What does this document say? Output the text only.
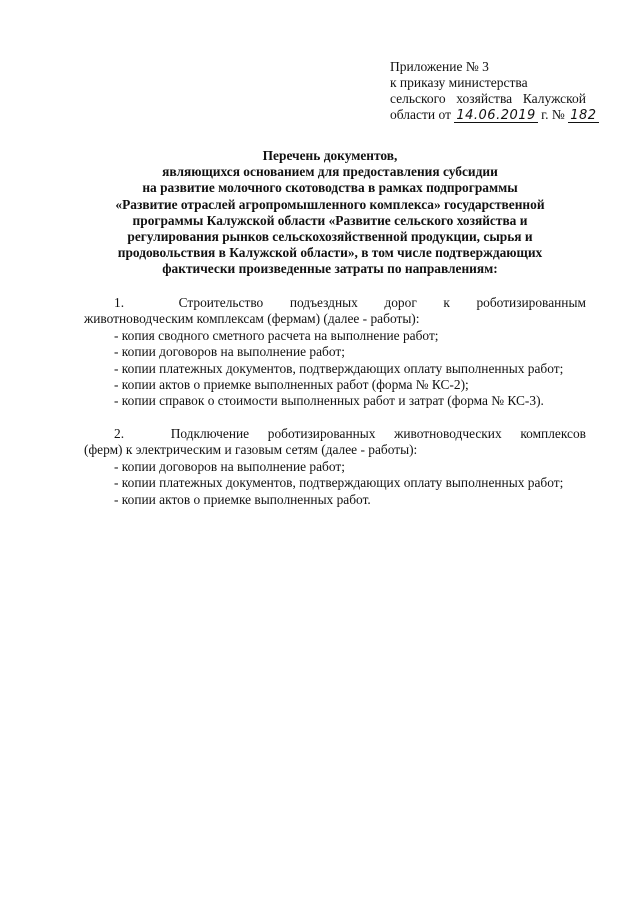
Приложение № 3
к приказу министерства
сельского хозяйства Калужской
области от 14.06.2019 г. № 182
Перечень документов,
являющихся основанием для предоставления субсидии
на развитие молочного скотоводства в рамках подпрограммы
«Развитие отраслей агропромышленного комплекса» государственной
программы Калужской области «Развитие сельского хозяйства и
регулирования рынков сельскохозяйственной продукции, сырья и
продовольствия в Калужской области», в том числе подтверждающих
фактически произведенные затраты по направлениям:
1.	Строительство подъездных дорог к роботизированным
животноводческим комплексам (фермам) (далее - работы):
- копия сводного сметного расчета на выполнение работ;
- копии договоров на выполнение работ;
- копии платежных документов, подтверждающих оплату выполненных работ;
- копии актов о приемке выполненных работ (форма № КС-2);
- копии справок о стоимости выполненных работ и затрат (форма № КС-3).
2.	Подключение роботизированных животноводческих комплексов
(ферм) к электрическим и газовым сетям (далее - работы):
- копии договоров на выполнение работ;
- копии платежных документов, подтверждающих оплату выполненных работ;
- копии актов о приемке выполненных работ.
